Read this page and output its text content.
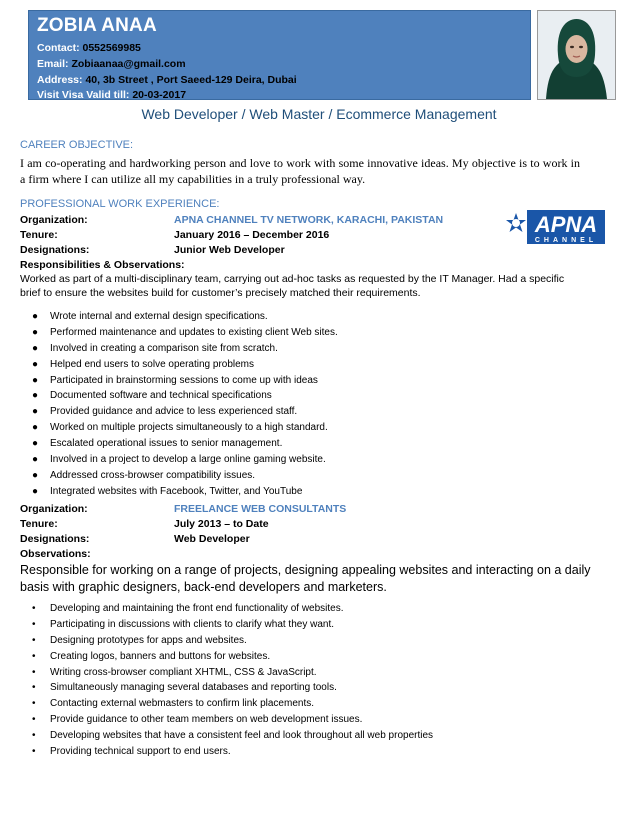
ZOBIA ANAA
Contact: 0552569985
Email: Zobiaanaa@gmail.com
Address: 40, 3b Street , Port Saeed-129 Deira, Dubai
Visit Visa Valid till: 20-03-2017
Web Developer / Web Master / Ecommerce Management
CAREER OBJECTIVE:
I am co-operating and hardworking person and love to work with some innovative ideas. My objective is to work in a firm where I can utilize all my capabilities in a truly professional way.
PROFESSIONAL WORK EXPERIENCE:
Organization:	APNA CHANNEL TV NETWORK, KARACHI, PAKISTAN
Tenure:	January 2016 – December 2016
Designations:	Junior Web Developer
Responsibilities & Observations:
Worked as part of a multi-disciplinary team, carrying out ad-hoc tasks as requested by the IT Manager. Had a specific brief to ensure the websites build for customer’s precisely matched their requirements.
APNA
CHANNEL
● Wrote internal and external design specifications.
● Performed maintenance and updates to existing client Web sites.
● Involved in creating a comparison site from scratch.
● Helped end users to solve operating problems
● Participated in brainstorming sessions to come up with ideas
● Documented software and technical specifications
● Provided guidance and advice to less experienced staff.
● Worked on multiple projects simultaneously to a high standard.
● Escalated operational issues to senior management.
● Involved in a project to develop a large online gaming website.
● Addressed cross-browser compatibility issues.
● Integrated websites with Facebook, Twitter, and YouTube
Organization:	FREELANCE WEB CONSULTANTS
Tenure:	July 2013 – to Date
Designations:	Web Developer
Observations:
Responsible for working on a range of projects, designing appealing websites and interacting on a daily basis with graphic designers, back-end developers and marketers.
• Developing and maintaining the front end functionality of websites.
• Participating in discussions with clients to clarify what they want.
• Designing prototypes for apps and websites.
• Creating logos, banners and buttons for websites.
• Writing cross-browser compliant XHTML, CSS & JavaScript.
• Simultaneously managing several databases and reporting tools.
• Contacting external webmasters to confirm link placements.
• Provide guidance to other team members on web development issues.
• Developing websites that have a consistent feel and look throughout all web properties
• Providing technical support to end users.
